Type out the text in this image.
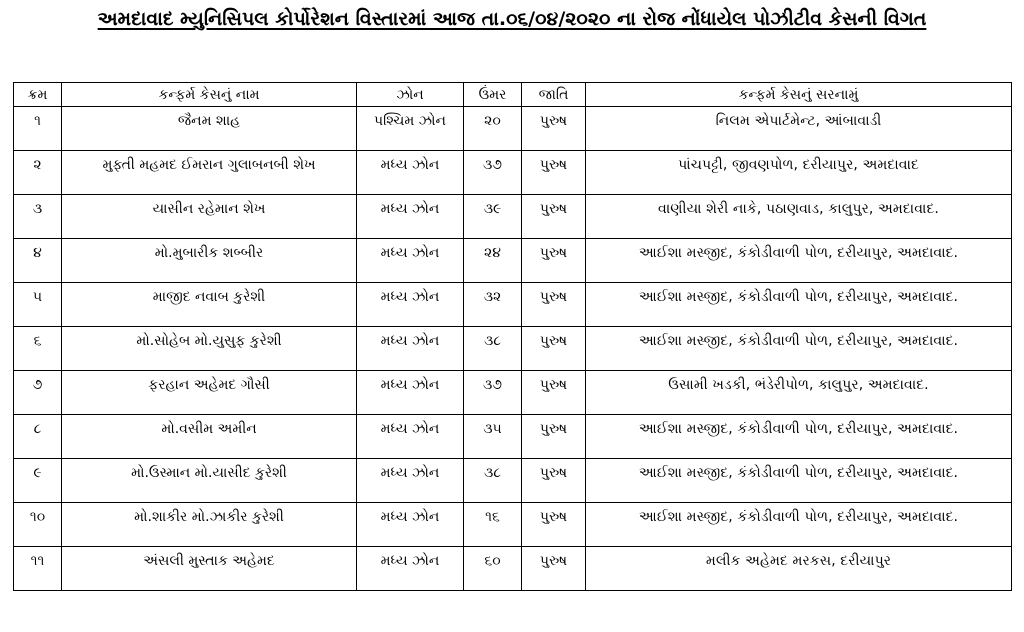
અમદાવાદ મ્યુનિસિપલ કોર્પોરેશન વિસ્તારમાં આજ તા.૦૬/૦૪/૨૦૨૦ ના રોજ નોંધાયેલ પોઝીટીવ કેસની વિગત
ક્રમ	કન્ફર્મ કેસનું નામ	ઝોન	ઉંમર	જાતિ	કન્ફર્મ કેસનું સરનામું
૧	જૈનમ શાહ	પશ્ચિમ ઝોન	૨૦	પુરુષ	નિલમ એપાર્ટમેન્ટ, આંબાવાડી
૨	મુફ્તી મહમદ ઈમરાન ગુલાબનબી શેખ	મધ્ય ઝોન	૩૭	પુરુષ	પાંચપટ્ટી, જીવણપોળ, દરીયાપુર, અમદાવાદ
૩	યાસીન રહેમાન શેખ	મધ્ય ઝોન	૩૯	પુરુષ	વાણીયા શેરી નાકે, પઠાણવાડ, કાલુપુર, અમદાવાદ.
૪	મો.મુબારીક શબ્બીર	મધ્ય ઝોન	૨૪	પુરુષ	આઈશા મસ્જીદ, કંકોડીવાળી પોળ, દરીયાપુર, અમદાવાદ.
૫	માજીદ નવાબ કુરેશી	મધ્ય ઝોન	૩૨	પુરુષ	આઈશા મસ્જીદ, કંકોડીવાળી પોળ, દરીયાપુર, અમદાવાદ.
૬	મો.સોહેબ મો.યુસુફ કુરેશી	મધ્ય ઝોન	૩૮	પુરુષ	આઈશા મસ્જીદ, કંકોડીવાળી પોળ, દરીયાપુર, અમદાવાદ.
૭	ફરહાન અહેમદ ગૌસી	મધ્ય ઝોન	૩૭	પુરુષ	ઉસામી ખડકી, ભંડેરીપોળ, કાલુપુર, અમદાવાદ.
૮	મો.વસીમ અમીન	મધ્ય ઝોન	૩૫	પુરુષ	આઈશા મસ્જીદ, કંકોડીવાળી પોળ, દરીયાપુર, અમદાવાદ.
૯	મો.ઉસ્માન મો.યાસીદ કુરેશી	મધ્ય ઝોન	૩૮	પુરુષ	આઈશા મસ્જીદ, કંકોડીવાળી પોળ, દરીયાપુર, અમદાવાદ.
૧૦	મો.શાકીર મો.ઝાકીર કુરેશી	મધ્ય ઝોન	૧૬	પુરુષ	આઈશા મસ્જીદ, કંકોડીવાળી પોળ, દરીયાપુર, અમદાવાદ.
૧૧	અંસલી મુસ્તાક અહેમદ	મધ્ય ઝોન	૬૦	પુરુષ	મલીક અહેમદ મરકસ, દરીયાપુર
